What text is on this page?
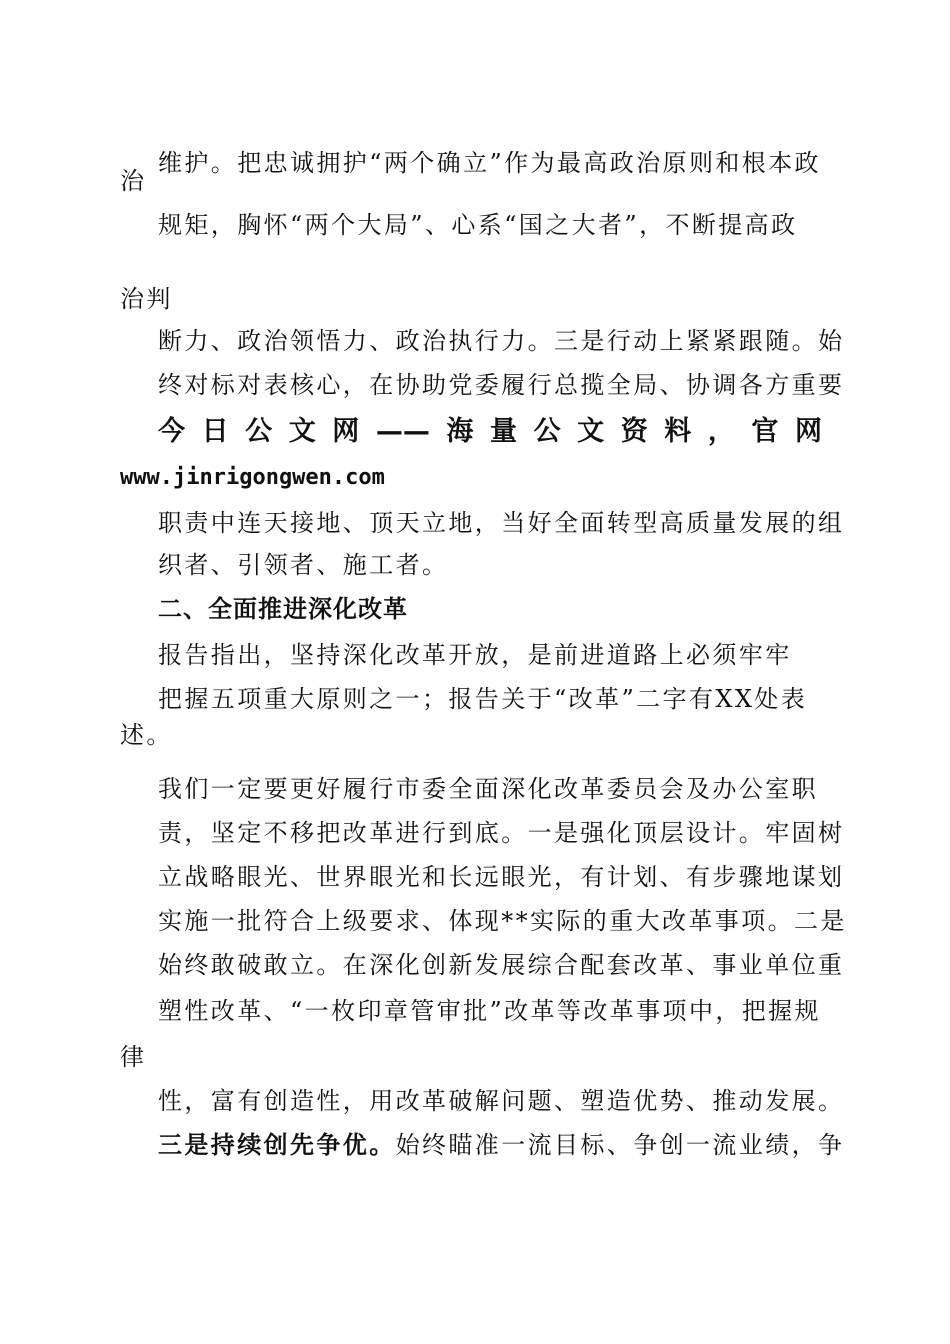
维护。把忠诚拥护“两个确立”作为最高政治原则和根本政
治
规矩，胸怀“两个大局”、心系“国之大者”，不断提高政
治判
断力、政治领悟力、政治执行力。三是行动上紧紧跟随。始
终对标对表核心，在协助党委履行总揽全局、协调各方重要
今日公文网——海量公文资料，官网
www.jinrigongwen.com
职责中连天接地、顶天立地，当好全面转型高质量发展的组
织者、引领者、施工者。
二、全面推进深化改革
报告指出，坚持深化改革开放，是前进道路上必须牢牢
把握五项重大原则之一；报告关于“改革”二字有XX处表
述。
我们一定要更好履行市委全面深化改革委员会及办公室职
责，坚定不移把改革进行到底。一是强化顶层设计。牢固树
立战略眼光、世界眼光和长远眼光，有计划、有步骤地谋划
实施一批符合上级要求、体现**实际的重大改革事项。二是
始终敢破敢立。在深化创新发展综合配套改革、事业单位重
塑性改革、“一枚印章管审批”改革等改革事项中，把握规
律
性，富有创造性，用改革破解问题、塑造优势、推动发展。
三是持续创先争优。始终瞄准一流目标、争创一流业绩，争
